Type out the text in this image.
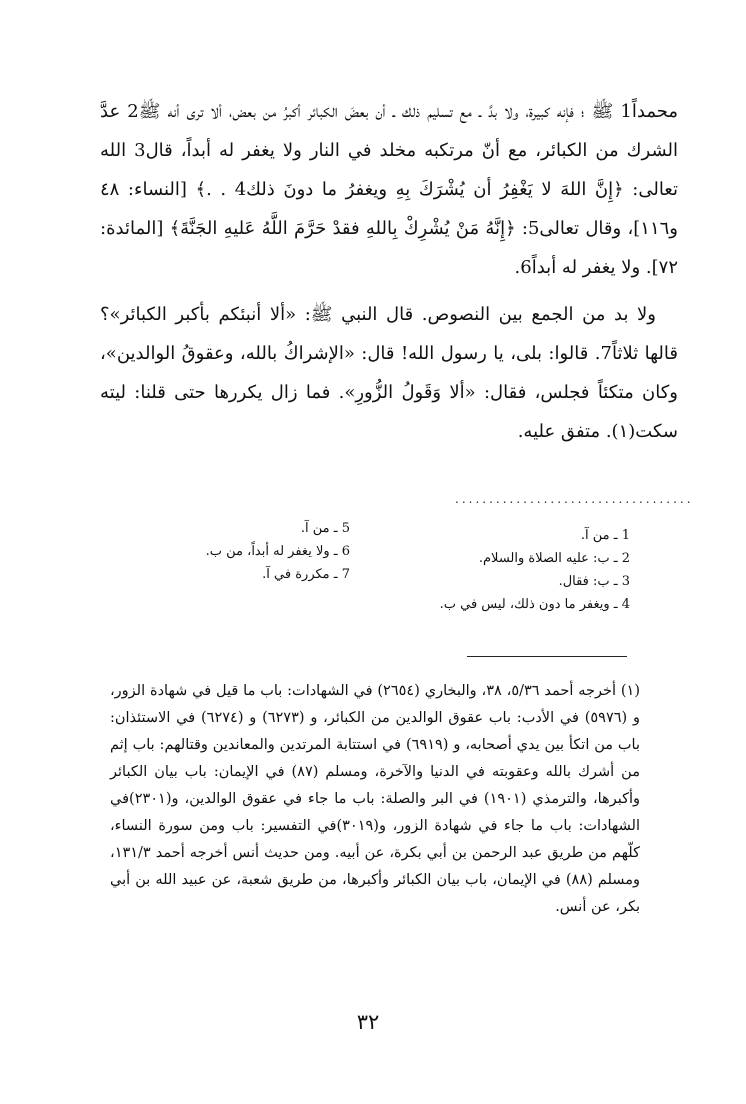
محمداً1 ﷺ ؛ فإنه كبيرة، ولا بدَّ ـ مع تسليم ذلك ـ أن بعضَ الكبائر أكبرُ من بعض، ألا ترى أنه ﷺ2 عدَّ الشرك من الكبائر، مع أنّ مرتكبه مخلد في النار ولا يغفر له أبداً، قال3 الله تعالى: ﴿إِنَّ اللهَ لا يَغْفِرُ أن يُشْرَكَ بِهِ ويغفرُ ما دونَ ذلك4 . .﴾ [النساء: ٤٨ و١١٦]، وقال تعالى5: ﴿إِنَّهُ مَنْ يُشْرِكْ بِاللهِ فقدْ حَرَّمَ اللَّهُ عَليهِ الجَنَّةَ﴾ [المائدة: ٧٢]. ولا يغفر له أبداً6.

ولا بد من الجمع بين النصوص. قال النبي ﷺ: «ألا أنبئكم بأكبر الكبائر»؟ قالها ثلاثاً7. قالوا: بلى، يا رسول الله! قال: «الإشراكُ بالله، وعقوقُ الوالدين»، وكان متكئاً فجلس، فقال: «ألا وَقَولُ الزُّورِ». فما زال يكررها حتى قلنا: ليته سكت(١). متفق عليه.

...................................
1 ـ من آ.
2 ـ ب: عليه الصلاة والسلام.
3 ـ ب: فقال.
4 ـ ويغفر ما دون ذلك، ليس في ب.
5 ـ من آ.
6 ـ ولا يغفر له أبداً، من ب.
7 ـ مكررة في آ.

(١) أخرجه أحمد ٥/٣٦، ٣٨، والبخاري (٢٦٥٤) في الشهادات: باب ما قيل في شهادة الزور، و (٥٩٧٦) في الأدب: باب عقوق الوالدين من الكبائر، و (٦٢٧٣) و (٦٢٧٤) في الاستئذان: باب من اتكأ بين يدي أصحابه، و (٦٩١٩) في استتابة المرتدين والمعاندين وقتالهم: باب إثم من أشرك بالله وعقوبته في الدنيا والآخرة، ومسلم (٨٧) في الإيمان: باب بيان الكبائر وأكبرها، والترمذي (١٩٠١) في البر والصلة: باب ما جاء في عقوق الوالدين، و(٢٣٠١)في الشهادات: باب ما جاء في شهادة الزور، و(٣٠١٩)في التفسير: باب ومن سورة النساء، كلّهم من طريق عبد الرحمن بن أبي بكرة، عن أبيه. ومن حديث أنس أخرجه أحمد ١٣١/٣، ومسلم (٨٨) في الإيمان، باب بيان الكبائر وأكبرها، من طريق شعبة، عن عبيد الله بن أبي بكر، عن أنس.

٣٢
